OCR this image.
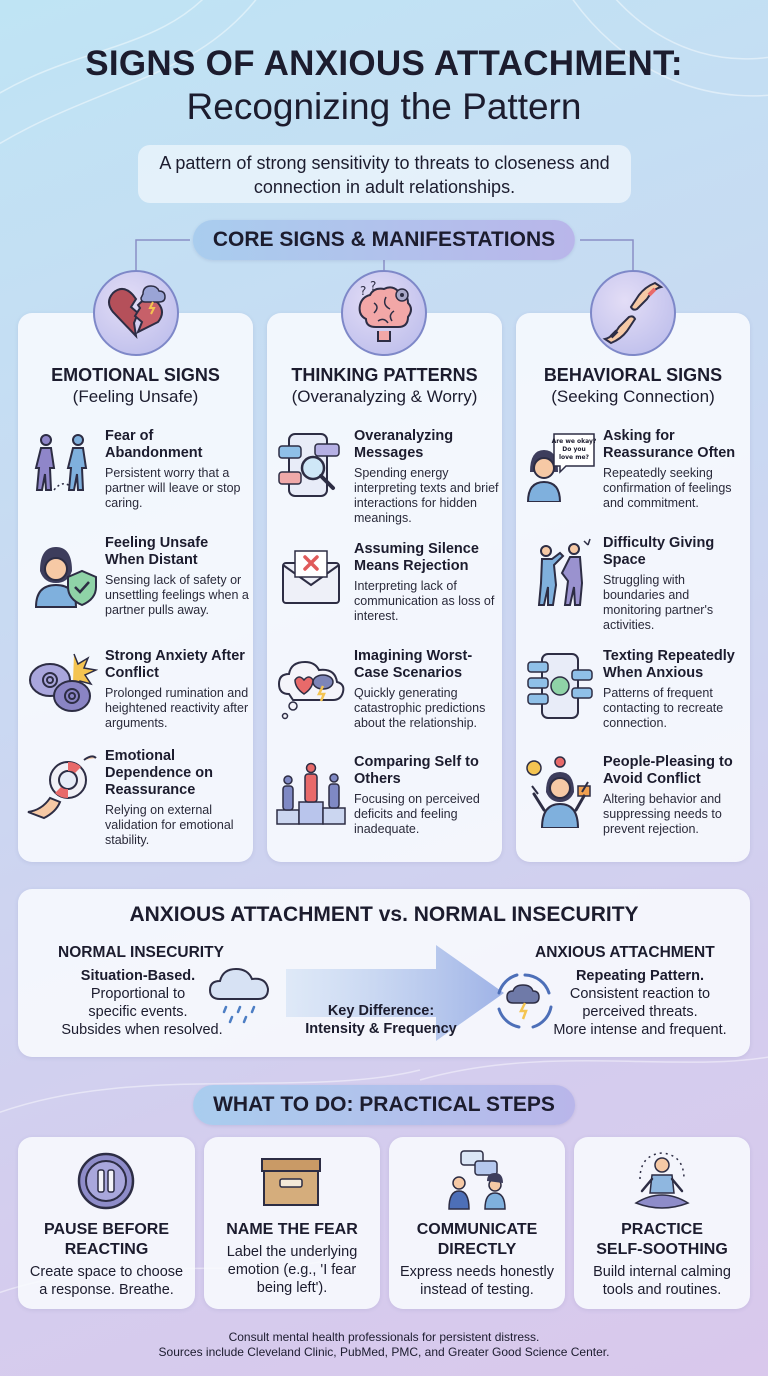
SIGNS OF ANXIOUS ATTACHMENT:
Recognizing the Pattern
A pattern of strong sensitivity to threats to closeness and connection in adult relationships.
CORE SIGNS & MANIFESTATIONS
EMOTIONAL SIGNS
(Feeling Unsafe)
Fear of Abandonment
Persistent worry that a partner will leave or stop caring.
Feeling Unsafe When Distant
Sensing lack of safety or unsettling feelings when a partner pulls away.
Strong Anxiety After Conflict
Prolonged rumination and heightened reactivity after arguments.
Emotional Dependence on Reassurance
Relying on external validation for emotional stability.
THINKING PATTERNS
(Overanalyzing & Worry)
Overanalyzing Messages
Spending energy interpreting texts and brief interactions for hidden meanings.
Assuming Silence Means Rejection
Interpreting lack of communication as loss of interest.
Imagining Worst-Case Scenarios
Quickly generating catastrophic predictions about the relationship.
Comparing Self to Others
Focusing on perceived deficits and feeling inadequate.
BEHAVIORAL SIGNS
(Seeking Connection)
Are we okay?
Do you
love me?
Asking for Reassurance Often
Repeatedly seeking confirmation of feelings and commitment.
Difficulty Giving Space
Struggling with boundaries and monitoring partner's activities.
Texting Repeatedly When Anxious
Patterns of frequent contacting to recreate connection.
People-Pleasing to Avoid Conflict
Altering behavior and suppressing needs to prevent rejection.
? ?
ANXIOUS ATTACHMENT vs. NORMAL INSECURITY
NORMAL INSECURITY
Situation-Based.
Proportional to
specific events.
Subsides when resolved.
ANXIOUS ATTACHMENT
Repeating Pattern.
Consistent reaction to
perceived threats.
More intense and frequent.
Key Difference:
Intensity & Frequency
WHAT TO DO: PRACTICAL STEPS
PAUSE BEFORE
REACTING
Create space to choose
a response. Breathe.
NAME THE FEAR
Label the underlying
emotion (e.g., 'I fear
being left').
COMMUNICATE
DIRECTLY
Express needs honestly
instead of testing.
PRACTICE
SELF-SOOTHING
Build internal calming
tools and routines.
Consult mental health professionals for persistent distress.
Sources include Cleveland Clinic, PubMed, PMC, and Greater Good Science Center.
